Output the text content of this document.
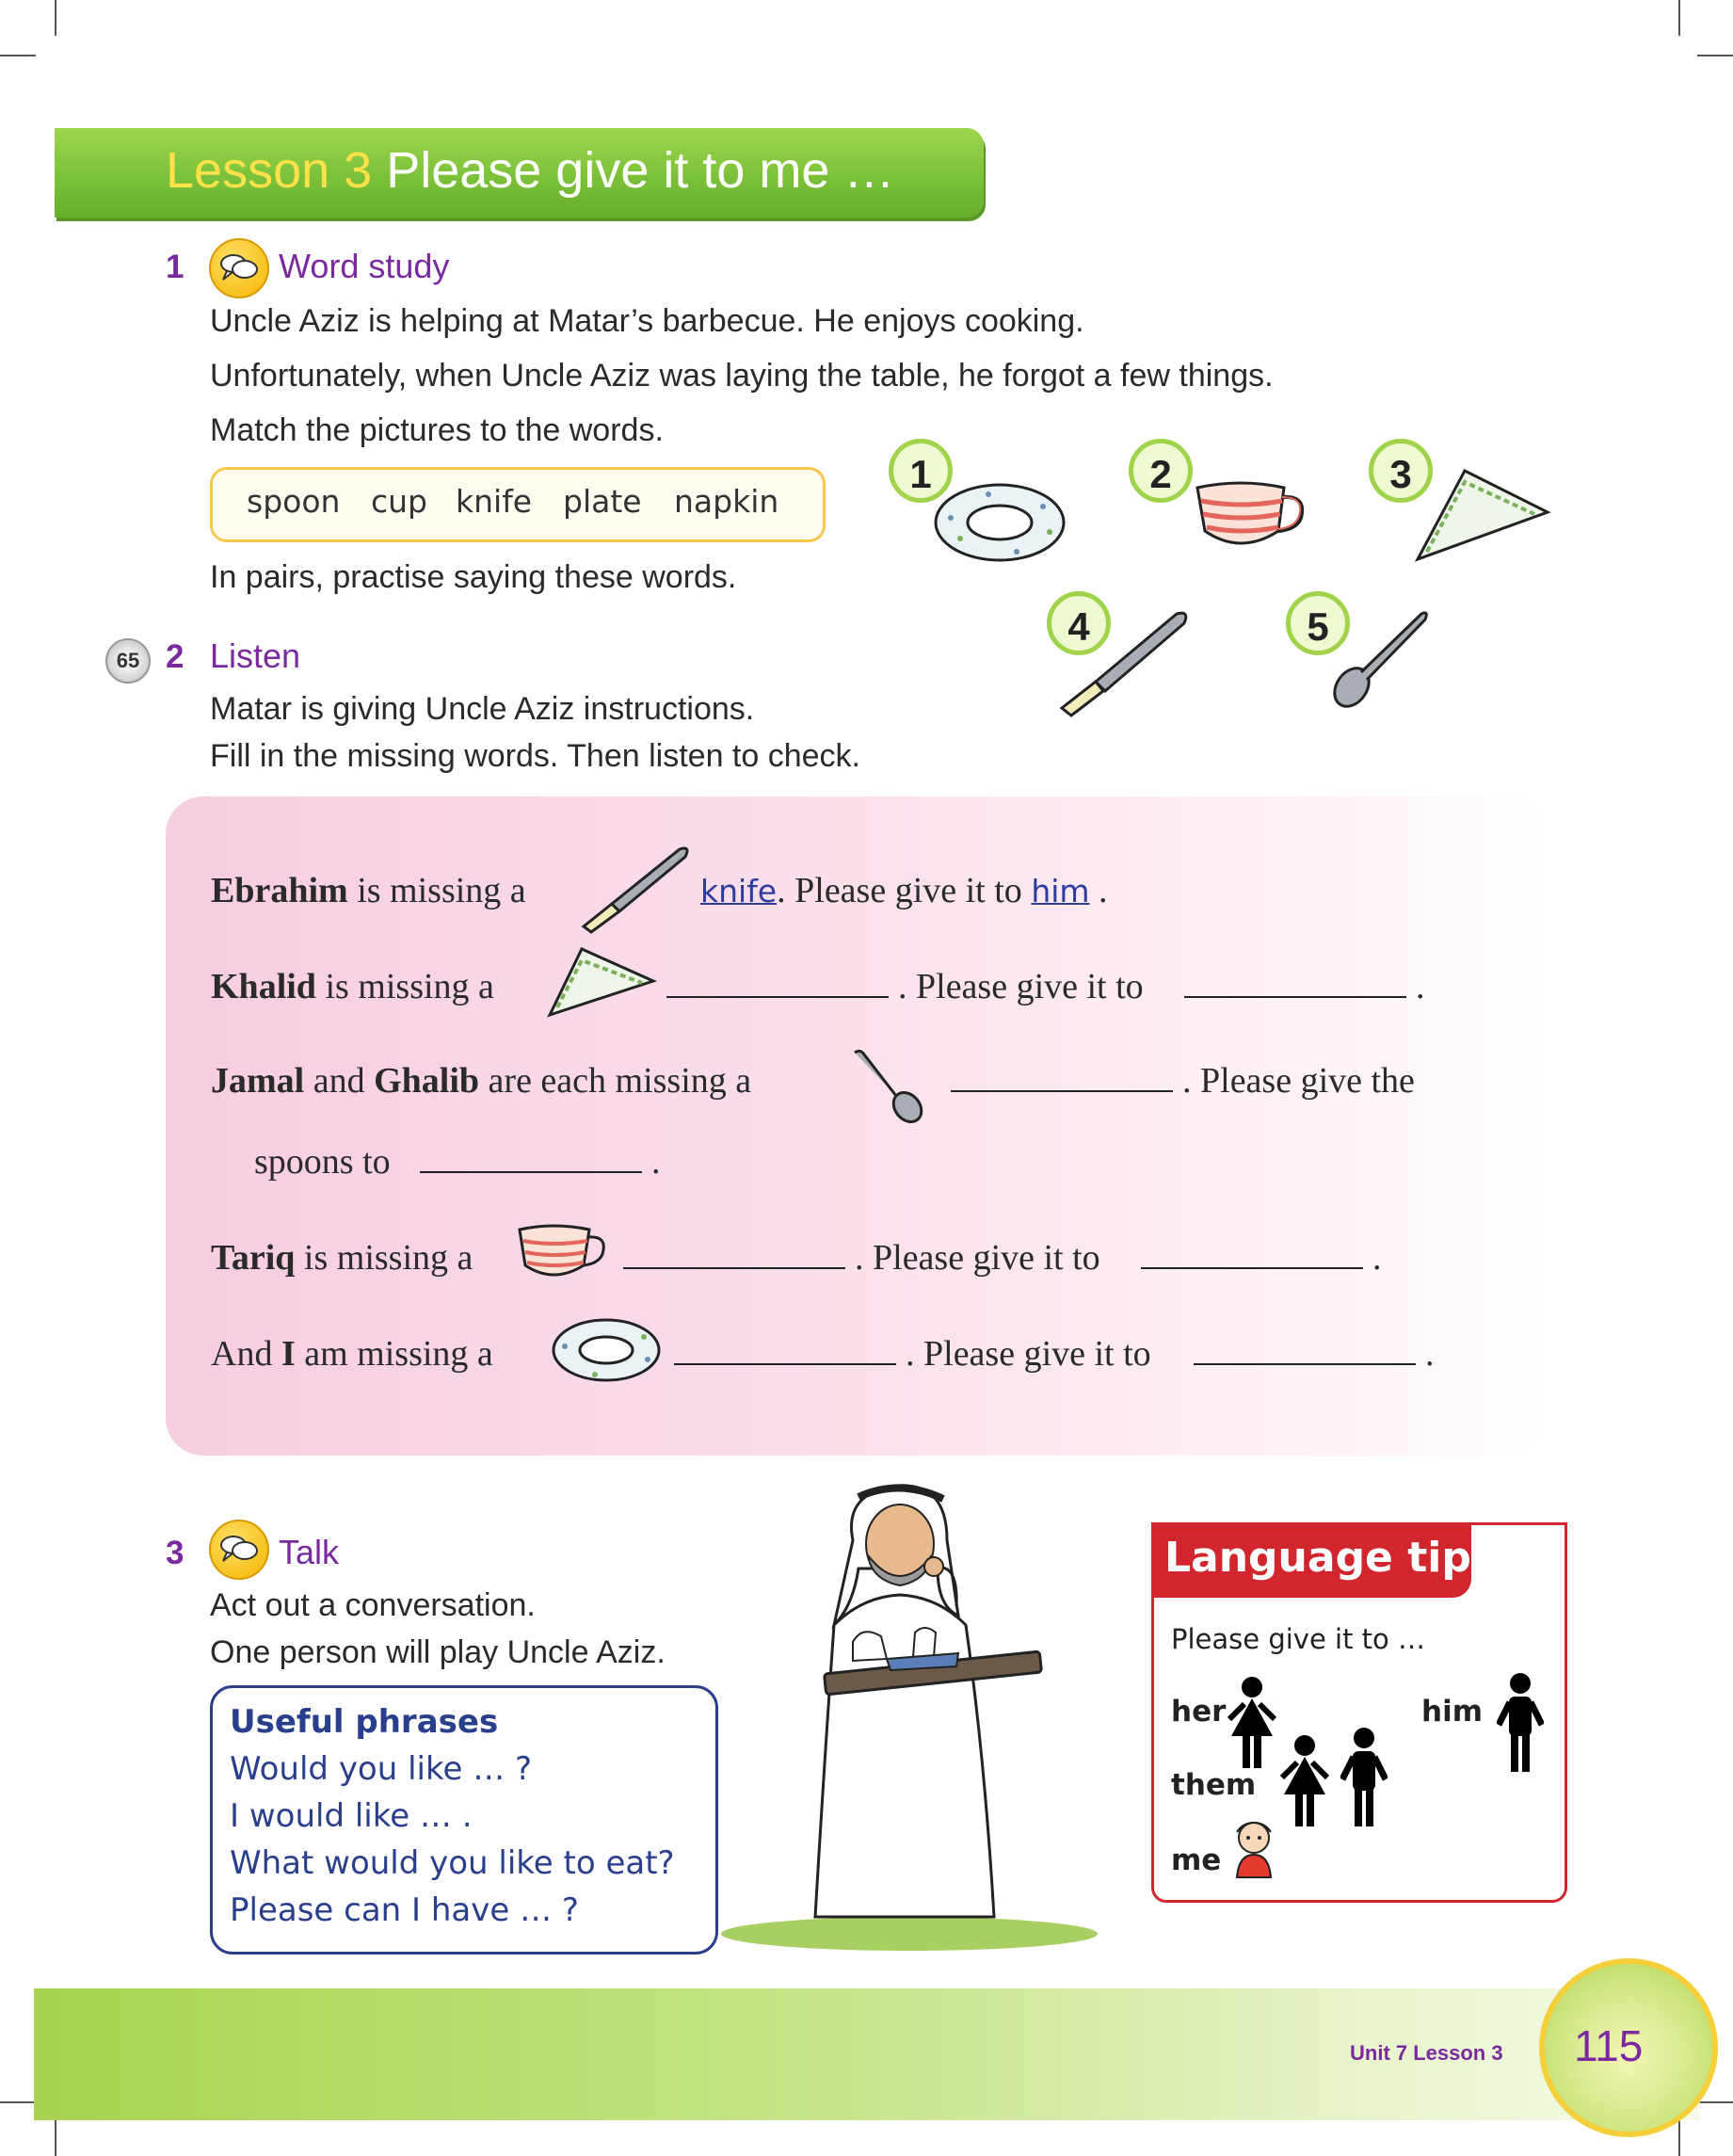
Lesson 3 Please give it to me …
1	Word study
Uncle Aziz is helping at Matar’s barbecue. He enjoys cooking.
Unfortunately, when Uncle Aziz was laying the table, he forgot a few things.
Match the pictures to the words.
spoon cup knife plate napkin
In pairs, practise saying these words.
1	2	3
4	5
65 2 Listen
Matar is giving Uncle Aziz instructions.
Fill in the missing words. Then listen to check.
Ebrahim is missing a	knife. Please give it to him .
Khalid is missing a	. Please give it to	.
Jamal and Ghalib are each missing a	. Please give the
spoons to	.
Tariq is missing a	. Please give it to	.
And I am missing a	. Please give it to	.
3	Talk
Act out a conversation.
One person will play Uncle Aziz.
Useful phrases
Would you like … ?
I would like … .
What would you like to eat?
Please can I have … ?
Language tip
Please give it to …
her	him
them
me
Unit 7 Lesson 3 115
